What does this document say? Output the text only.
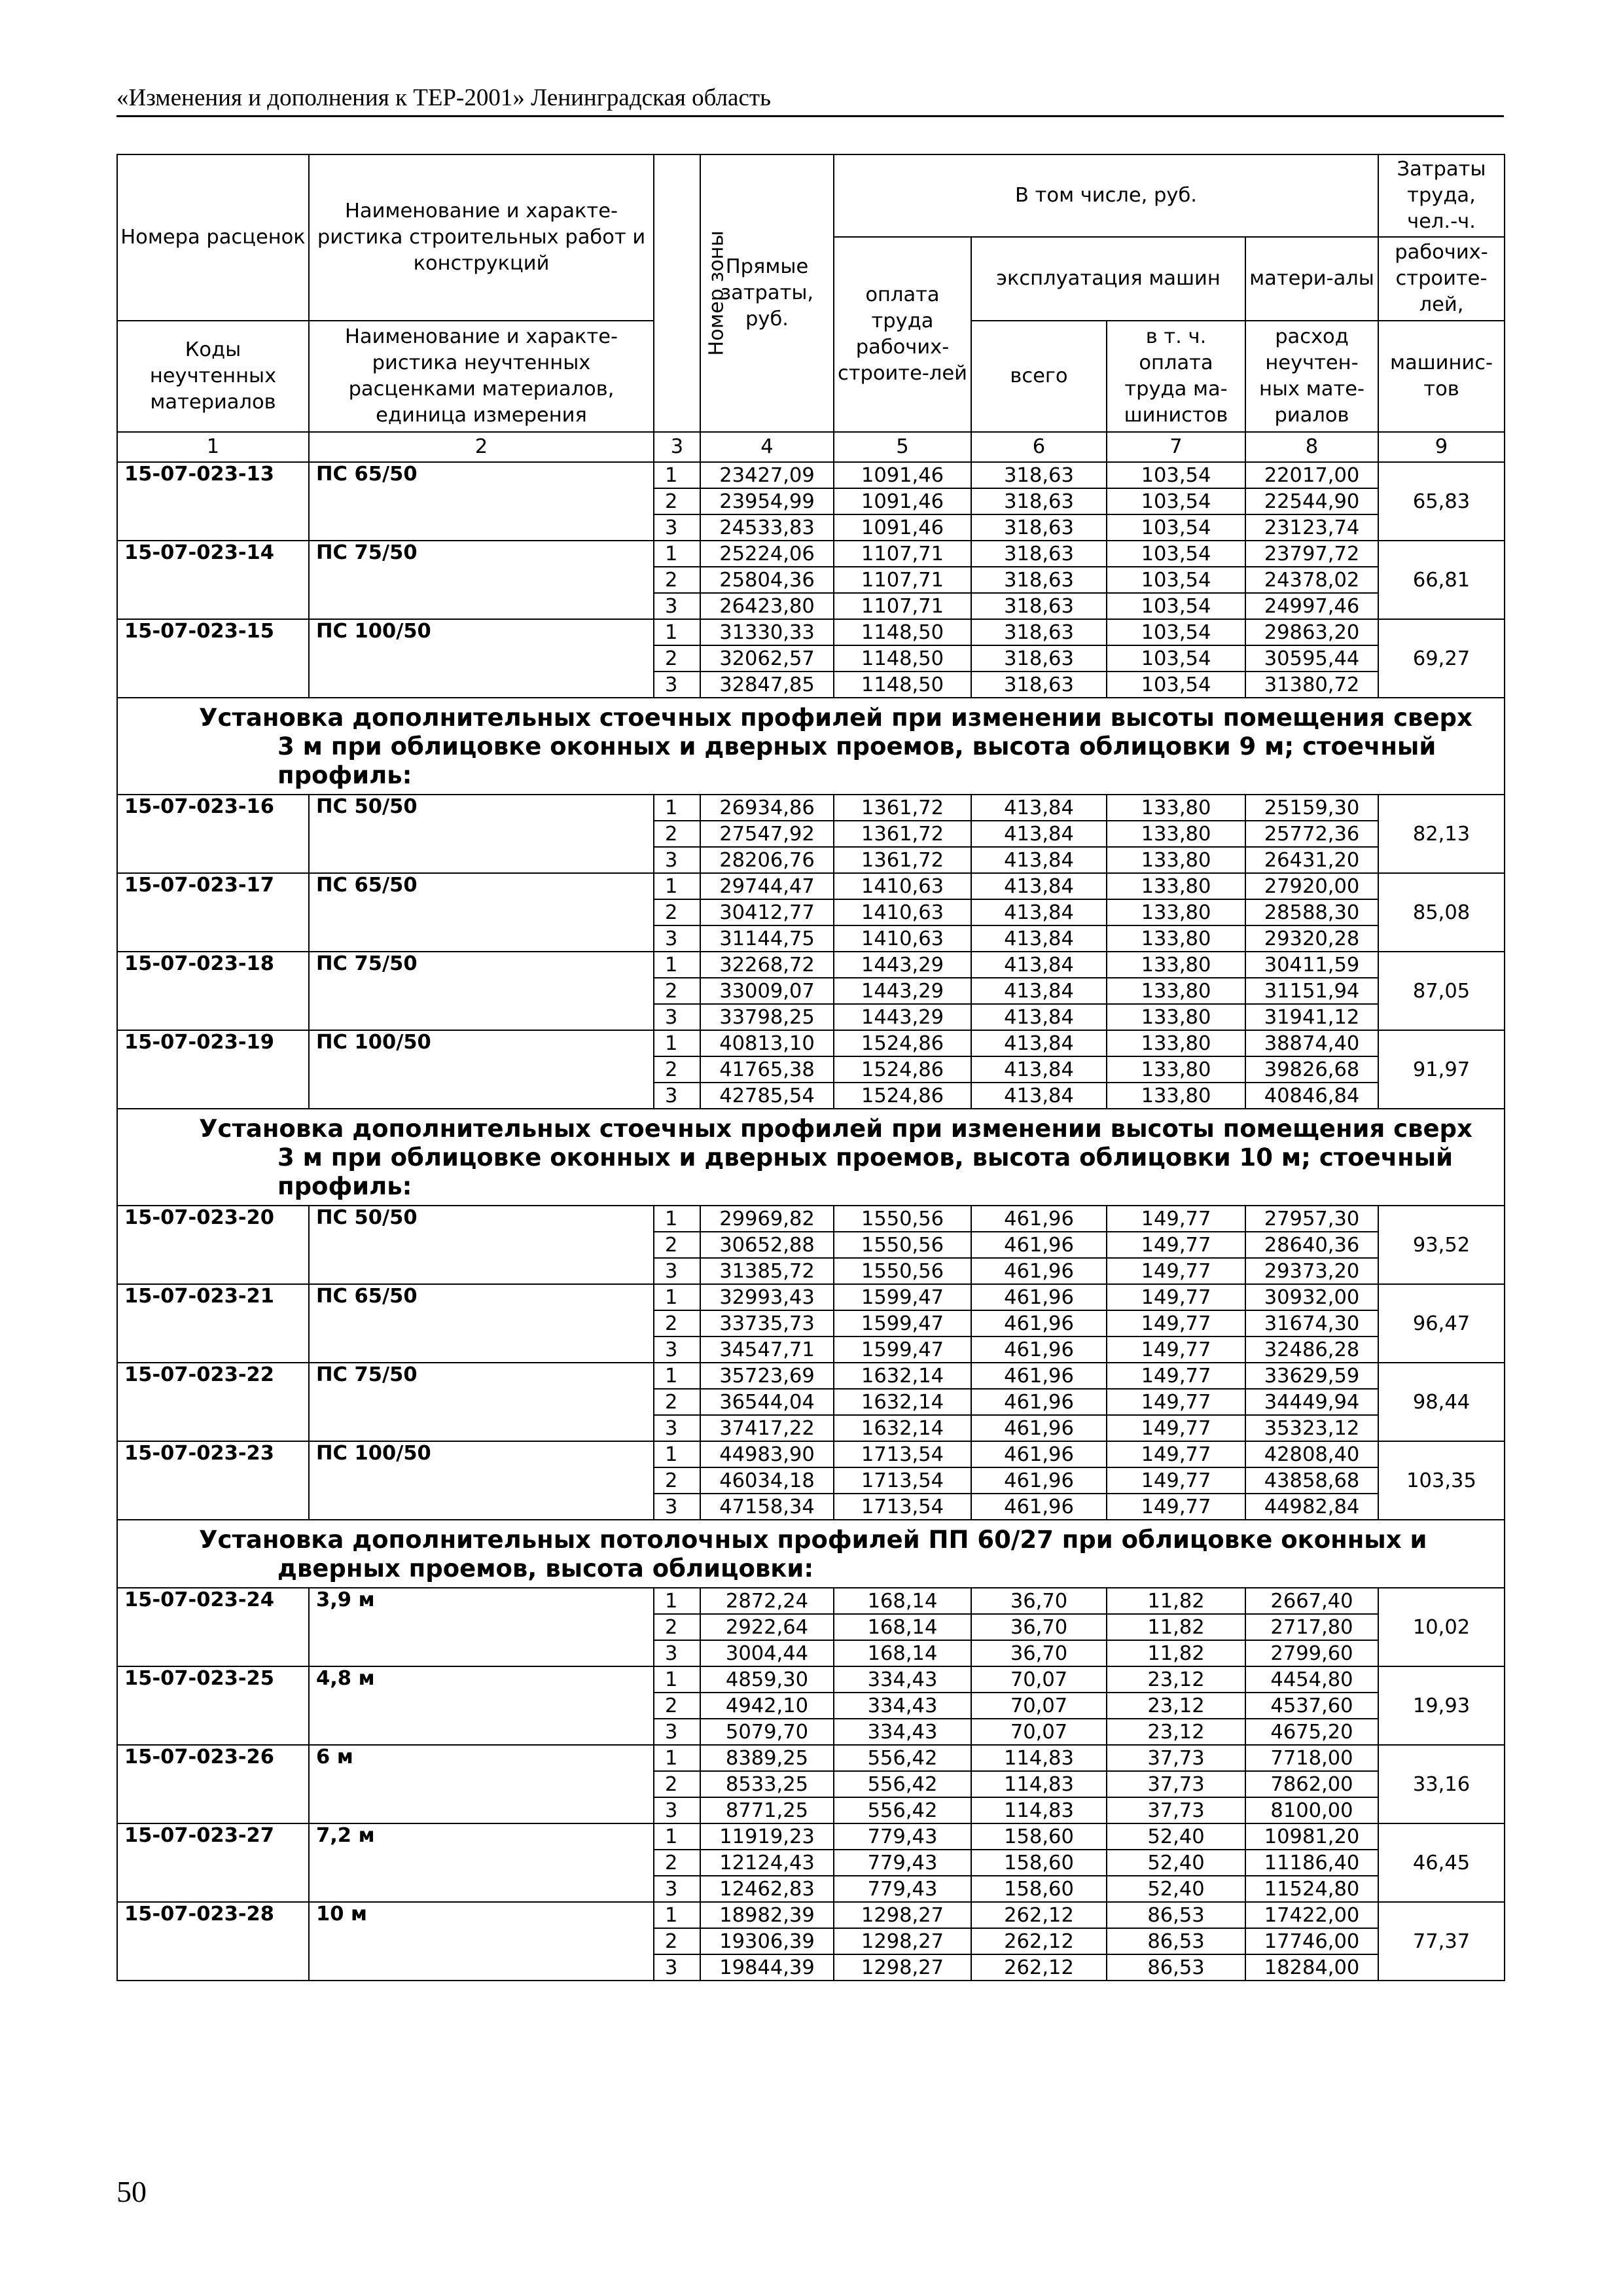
«Изменения и дополнения к ТЕР-2001» Ленинградская область
Номера расценок	Наименование и характе-ристика строительных работ и конструкций	Номер зоны	Прямые затраты, руб.	В том числе, руб.				Затраты труда, чел.-ч.
				оплата труда рабочих-строите-лей	эксплуатация машин		матери-алы	рабочих-строите-лей,
Коды неучтенных материалов	Наименование и характе-ристика неучтенных расценками материалов, единица измерения				всего	в т. ч. оплата труда ма-шинистов	расход неучтен-ных мате-риалов	машинис-тов

1	2	3	4	5	6	7	8	9
15-07-023-13	ПС 65/50	1	23427,09	1091,46	318,63	103,54	22017,00	65,83
		2	23954,99	1091,46	318,63	103,54	22544,90	
		3	24533,83	1091,46	318,63	103,54	23123,74	
15-07-023-14	ПС 75/50	1	25224,06	1107,71	318,63	103,54	23797,72	66,81
		2	25804,36	1107,71	318,63	103,54	24378,02	
		3	26423,80	1107,71	318,63	103,54	24997,46	
15-07-023-15	ПС 100/50	1	31330,33	1148,50	318,63	103,54	29863,20	69,27
		2	32062,57	1148,50	318,63	103,54	30595,44	
		3	32847,85	1148,50	318,63	103,54	31380,72	

Установка дополнительных стоечных профилей при изменении высоты помещения сверх 3 м при облицовке оконных и дверных проемов, высота облицовки 9 м; стоечный профиль:								

15-07-023-16	ПС 50/50	1	26934,86	1361,72	413,84	133,80	25159,30	82,13
		2	27547,92	1361,72	413,84	133,80	25772,36	
		3	28206,76	1361,72	413,84	133,80	26431,20	
15-07-023-17	ПС 65/50	1	29744,47	1410,63	413,84	133,80	27920,00	85,08
		2	30412,77	1410,63	413,84	133,80	28588,30	
		3	31144,75	1410,63	413,84	133,80	29320,28	
15-07-023-18	ПС 75/50	1	32268,72	1443,29	413,84	133,80	30411,59	87,05
		2	33009,07	1443,29	413,84	133,80	31151,94	
		3	33798,25	1443,29	413,84	133,80	31941,12	
15-07-023-19	ПС 100/50	1	40813,10	1524,86	413,84	133,80	38874,40	91,97
		2	41765,38	1524,86	413,84	133,80	39826,68	
		3	42785,54	1524,86	413,84	133,80	40846,84	

Установка дополнительных стоечных профилей при изменении высоты помещения сверх 3 м при облицовке оконных и дверных проемов, высота облицовки 10 м; стоечный профиль:								

15-07-023-20	ПС 50/50	1	29969,82	1550,56	461,96	149,77	27957,30	93,52
		2	30652,88	1550,56	461,96	149,77	28640,36	
		3	31385,72	1550,56	461,96	149,77	29373,20	
15-07-023-21	ПС 65/50	1	32993,43	1599,47	461,96	149,77	30932,00	96,47
		2	33735,73	1599,47	461,96	149,77	31674,30	
		3	34547,71	1599,47	461,96	149,77	32486,28	
15-07-023-22	ПС 75/50	1	35723,69	1632,14	461,96	149,77	33629,59	98,44
		2	36544,04	1632,14	461,96	149,77	34449,94	
		3	37417,22	1632,14	461,96	149,77	35323,12	
15-07-023-23	ПС 100/50	1	44983,90	1713,54	461,96	149,77	42808,40	103,35
		2	46034,18	1713,54	461,96	149,77	43858,68	
		3	47158,34	1713,54	461,96	149,77	44982,84	

Установка дополнительных потолочных профилей ПП 60/27 при облицовке оконных и дверных проемов, высота облицовки:								

15-07-023-24	3,9 м	1	2872,24	168,14	36,70	11,82	2667,40	10,02
		2	2922,64	168,14	36,70	11,82	2717,80	
		3	3004,44	168,14	36,70	11,82	2799,60	
15-07-023-25	4,8 м	1	4859,30	334,43	70,07	23,12	4454,80	19,93
		2	4942,10	334,43	70,07	23,12	4537,60	
		3	5079,70	334,43	70,07	23,12	4675,20	
15-07-023-26	6 м	1	8389,25	556,42	114,83	37,73	7718,00	33,16
		2	8533,25	556,42	114,83	37,73	7862,00	
		3	8771,25	556,42	114,83	37,73	8100,00	
15-07-023-27	7,2 м	1	11919,23	779,43	158,60	52,40	10981,20	46,45
		2	12124,43	779,43	158,60	52,40	11186,40	
		3	12462,83	779,43	158,60	52,40	11524,80	
15-07-023-28	10 м	1	18982,39	1298,27	262,12	86,53	17422,00	77,37
		2	19306,39	1298,27	262,12	86,53	17746,00	
		3	19844,39	1298,27	262,12	86,53	18284,00	
50
